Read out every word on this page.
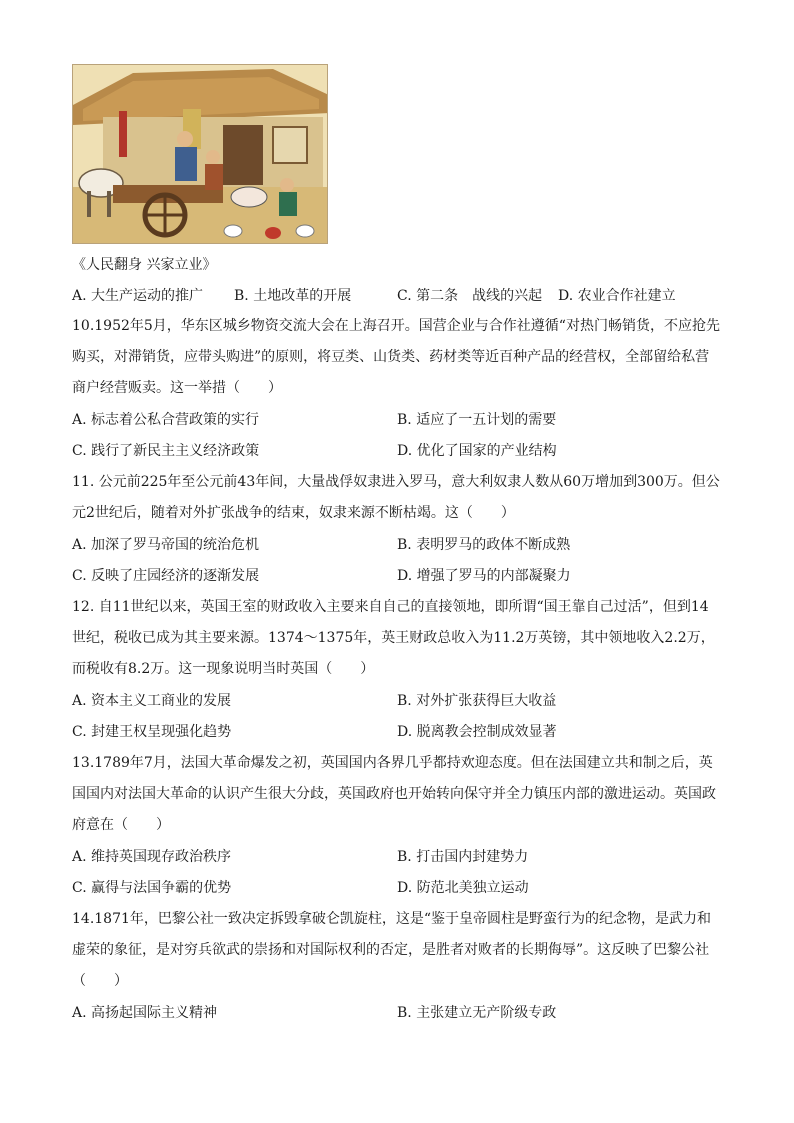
《人民翻身 兴家立业》
A. 大生产运动的推广 B. 土地改革的开展	C. 第二条　战线的兴起 D. 农业合作社建立
10.1952年5月，华东区城乡物资交流大会在上海召开。国营企业与合作社遵循“对热门畅销货，不应抢先购买，对滞销货，应带头购进”的原则，将豆类、山货类、药材类等近百种产品的经营权，全部留给私营商户经营贩卖。这一举措（　　）
A. 标志着公私合营政策的实行	B. 适应了一五计划的需要
C. 践行了新民主主义经济政策	D. 优化了国家的产业结构
11. 公元前225年至公元前43年间，大量战俘奴隶进入罗马，意大利奴隶人数从60万增加到300万。但公元2世纪后，随着对外扩张战争的结束，奴隶来源不断枯竭。这（　　）
A. 加深了罗马帝国的统治危机	B. 表明罗马的政体不断成熟
C. 反映了庄园经济的逐渐发展	D. 增强了罗马的内部凝聚力
12. 自11世纪以来，英国王室的财政收入主要来自自己的直接领地，即所谓“国王靠自己过活”，但到14世纪，税收已成为其主要来源。1374～1375年，英王财政总收入为11.2万英镑，其中领地收入2.2万，而税收有8.2万。这一现象说明当时英国（　　）
A. 资本主义工商业的发展	B. 对外扩张获得巨大收益
C. 封建王权呈现强化趋势	D. 脱离教会控制成效显著
13.1789年7月，法国大革命爆发之初，英国国内各界几乎都持欢迎态度。但在法国建立共和制之后，英国国内对法国大革命的认识产生很大分歧，英国政府也开始转向保守并全力镇压内部的激进运动。英国政府意在（　　）
A. 维持英国现存政治秩序	B. 打击国内封建势力
C. 赢得与法国争霸的优势	D. 防范北美独立运动
14.1871年，巴黎公社一致决定拆毁拿破仑凯旋柱，这是“鉴于皇帝圆柱是野蛮行为的纪念物，是武力和虚荣的象征，是对穷兵欲武的崇扬和对国际权利的否定，是胜者对败者的长期侮辱”。这反映了巴黎公社（　　）
A. 高扬起国际主义精神	B. 主张建立无产阶级专政
